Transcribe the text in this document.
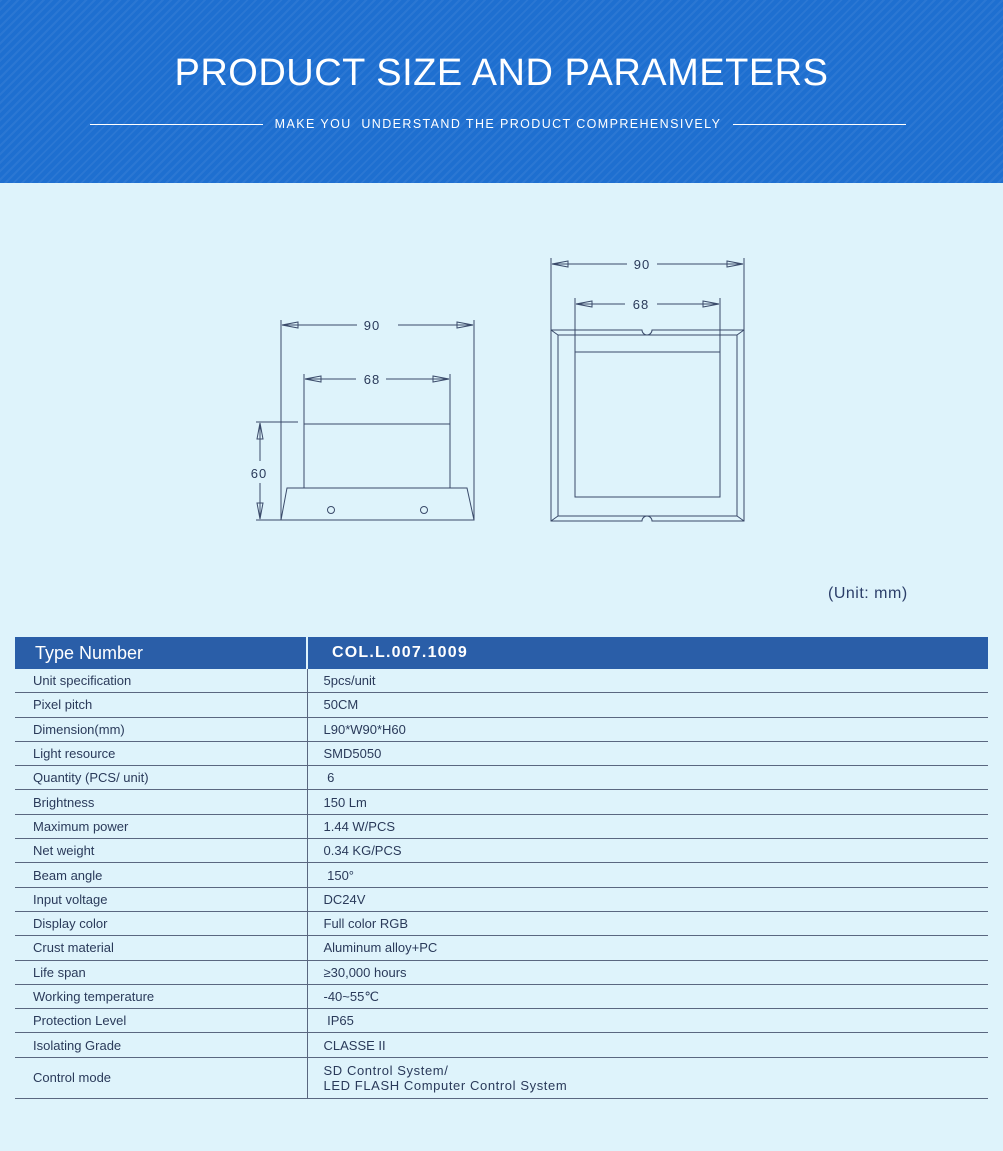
PRODUCT SIZE AND PARAMETERS
MAKE YOU  UNDERSTAND THE PRODUCT COMPREHENSIVELY
90
68
60
90
68
(Unit: mm)
Type Number	COL.L.007.1009
Unit specification	5pcs/unit
Pixel pitch	50CM
Dimension(mm)	L90*W90*H60
Light resource	SMD5050
Quantity (PCS/ unit)	6
Brightness	150 Lm
Maximum power	1.44 W/PCS
Net weight	0.34 KG/PCS
Beam angle	150°
Input voltage	DC24V
Display color	Full color RGB
Crust material	Aluminum alloy+PC
Life span	≥30,000 hours
Working temperature	-40~55℃
Protection Level	IP65
Isolating Grade	CLASSE II
Control mode	SD Control System/
LED FLASH Computer Control System
